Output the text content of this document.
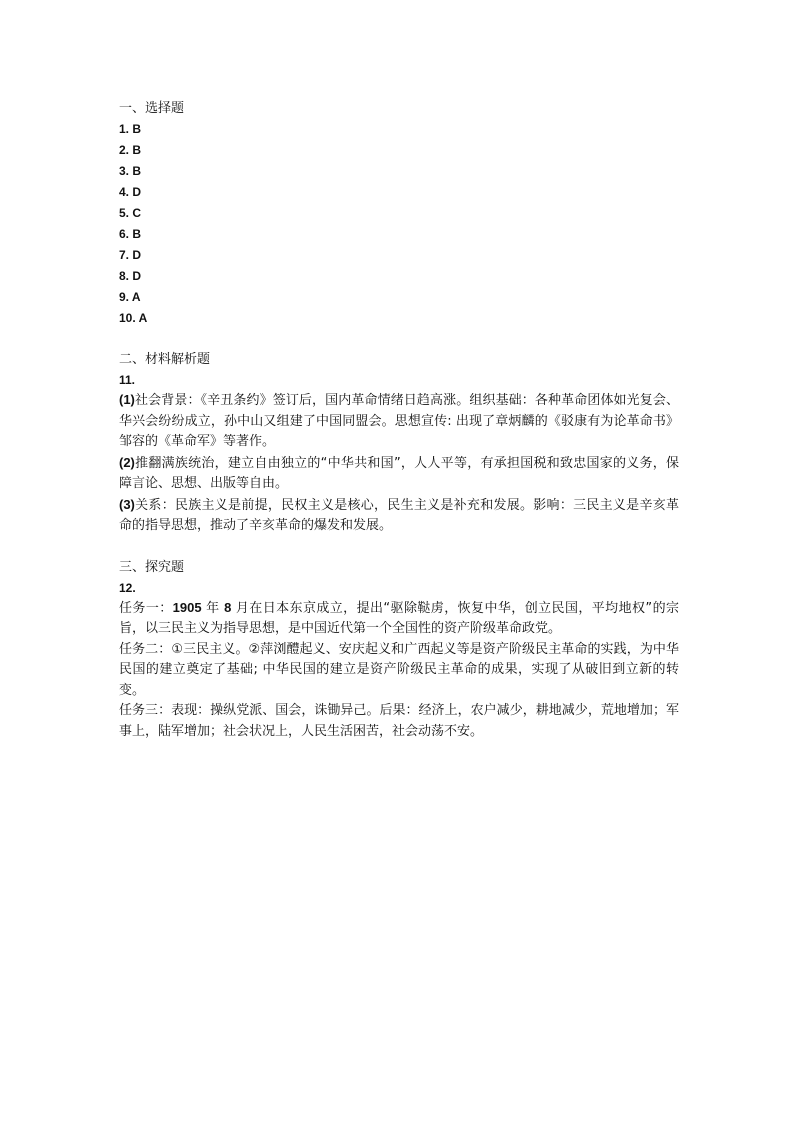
一、选择题
1. B
2. B
3. B
4. D
5. C
6. B
7. D
8. D
9. A
10. A
二、材料解析题
11.

(1)社会背景：《辛丑条约》签订后，国内革命情绪日趋高涨。组织基础：各种革命团体如光复会、华兴会纷纷成立，孙中山又组建了中国同盟会。思想宣传: 出现了章炳麟的《驳康有为论革命书》 邹容的《革命军》等著作。

(2)推翻满族统治，建立自由独立的“中华共和国”，人人平等，有承担国税和致忠国家的义务，保障言论、思想、出版等自由。

(3)关系：民族主义是前提，民权主义是核心，民生主义是补充和发展。影响：三民主义是辛亥革命的指导思想，推动了辛亥革命的爆发和发展。

三、探究题
12.

任务一：1905 年 8 月在日本东京成立，提出“驱除鞑虏，恢复中华，创立民国，平均地权”的宗旨，以三民主义为指导思想，是中国近代第一个全国性的资产阶级革命政党。

任务二：①三民主义。②萍浏醴起义、安庆起义和广西起义等是资产阶级民主革命的实践，为中华民国的建立奠定了基础; 中华民国的建立是资产阶级民主革命的成果，实现了从破旧到立新的转变。

任务三：表现：操纵党派、国会，诛锄异己。后果：经济上，农户减少，耕地减少，荒地增加；军事上，陆军增加；社会状况上，人民生活困苦，社会动荡不安。
